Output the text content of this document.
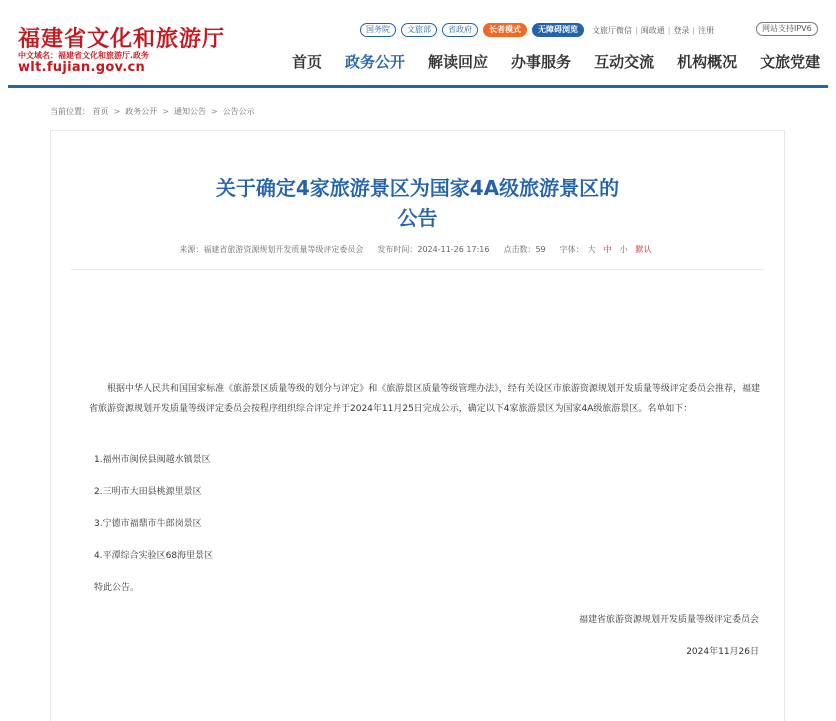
福建省文化和旅游厅
中文域名：福建省文化和旅游厅.政务
wlt.fujian.gov.cn
国务院	文旅部	省政府	长者模式	无障碍浏览	文旅厅微信 | 闽政通 | 登录 | 注册	网站支持IPV6
首页 政务公开 解读回应 办事服务 互动交流 机构概况 文旅党建
当前位置： 首页 > 政务公开 > 通知公告 > 公告公示
关于确定4家旅游景区为国家4A级旅游景区的
公告
来源：福建省旅游资源规划开发质量等级评定委员会 发布时间：2024-11-26 17:16 点击数：59 字体： 大 中 小 默认
根据中华人民共和国国家标准《旅游景区质量等级的划分与评定》和《旅游景区质量等级管理办法》，经有关设区市旅游资源规划开发质量等级评定委员会推荐，福建省旅游资源规划开发质量等级评定委员会按程序组织综合评定并于2024年11月25日完成公示，确定以下4家旅游景区为国家4A级旅游景区。名单如下：
1.福州市闽侯县闽越水镇景区
2.三明市大田县桃源里景区
3.宁德市福鼎市牛郎岗景区
4.平潭综合实验区68海里景区
特此公告。
福建省旅游资源规划开发质量等级评定委员会
2024年11月26日
